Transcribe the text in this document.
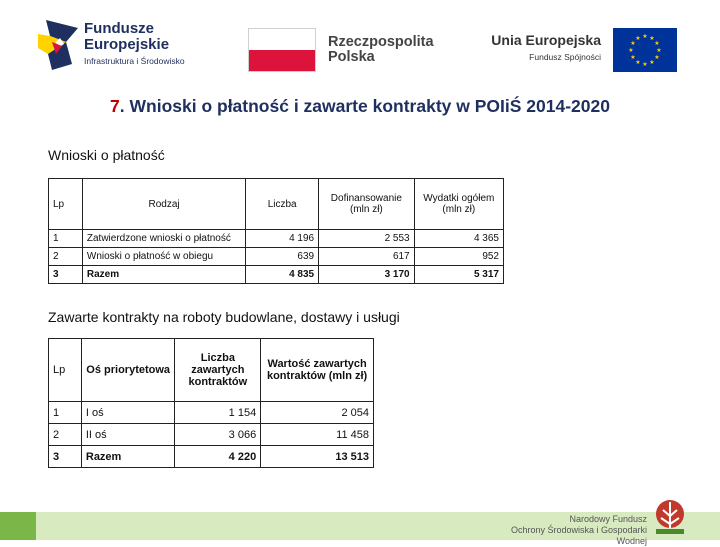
Fundusze
Europejskie
Infrastruktura i Środowisko
Rzeczpospolita
Polska
Unia Europejska
Fundusz Spójności
★ ★
★
★
★
★
★
★
★
★
★
★
7. Wnioski o płatność i zawarte kontrakty w POIiŚ 2014-2020
Wnioski o płatność
Lp	Rodzaj	Liczba	Dofinansowanie (mln zł)	Wydatki ogółem (mln zł)
1	Zatwierdzone wnioski o płatność	4 196	2 553	4 365
2	Wnioski o płatność w obiegu	639	617	952
3	Razem	4 835	3 170	5 317
Zawarte kontrakty na roboty budowlane, dostawy i usługi
Lp	Oś priorytetowa	Liczba zawartych kontraktów	Wartość zawartych kontraktów (mln zł)
1	I oś	1 154	2 054
2	II oś	3 066	11 458
3	Razem	4 220	13 513
Narodowy Fundusz
Ochrony Środowiska i Gospodarki Wodnej
